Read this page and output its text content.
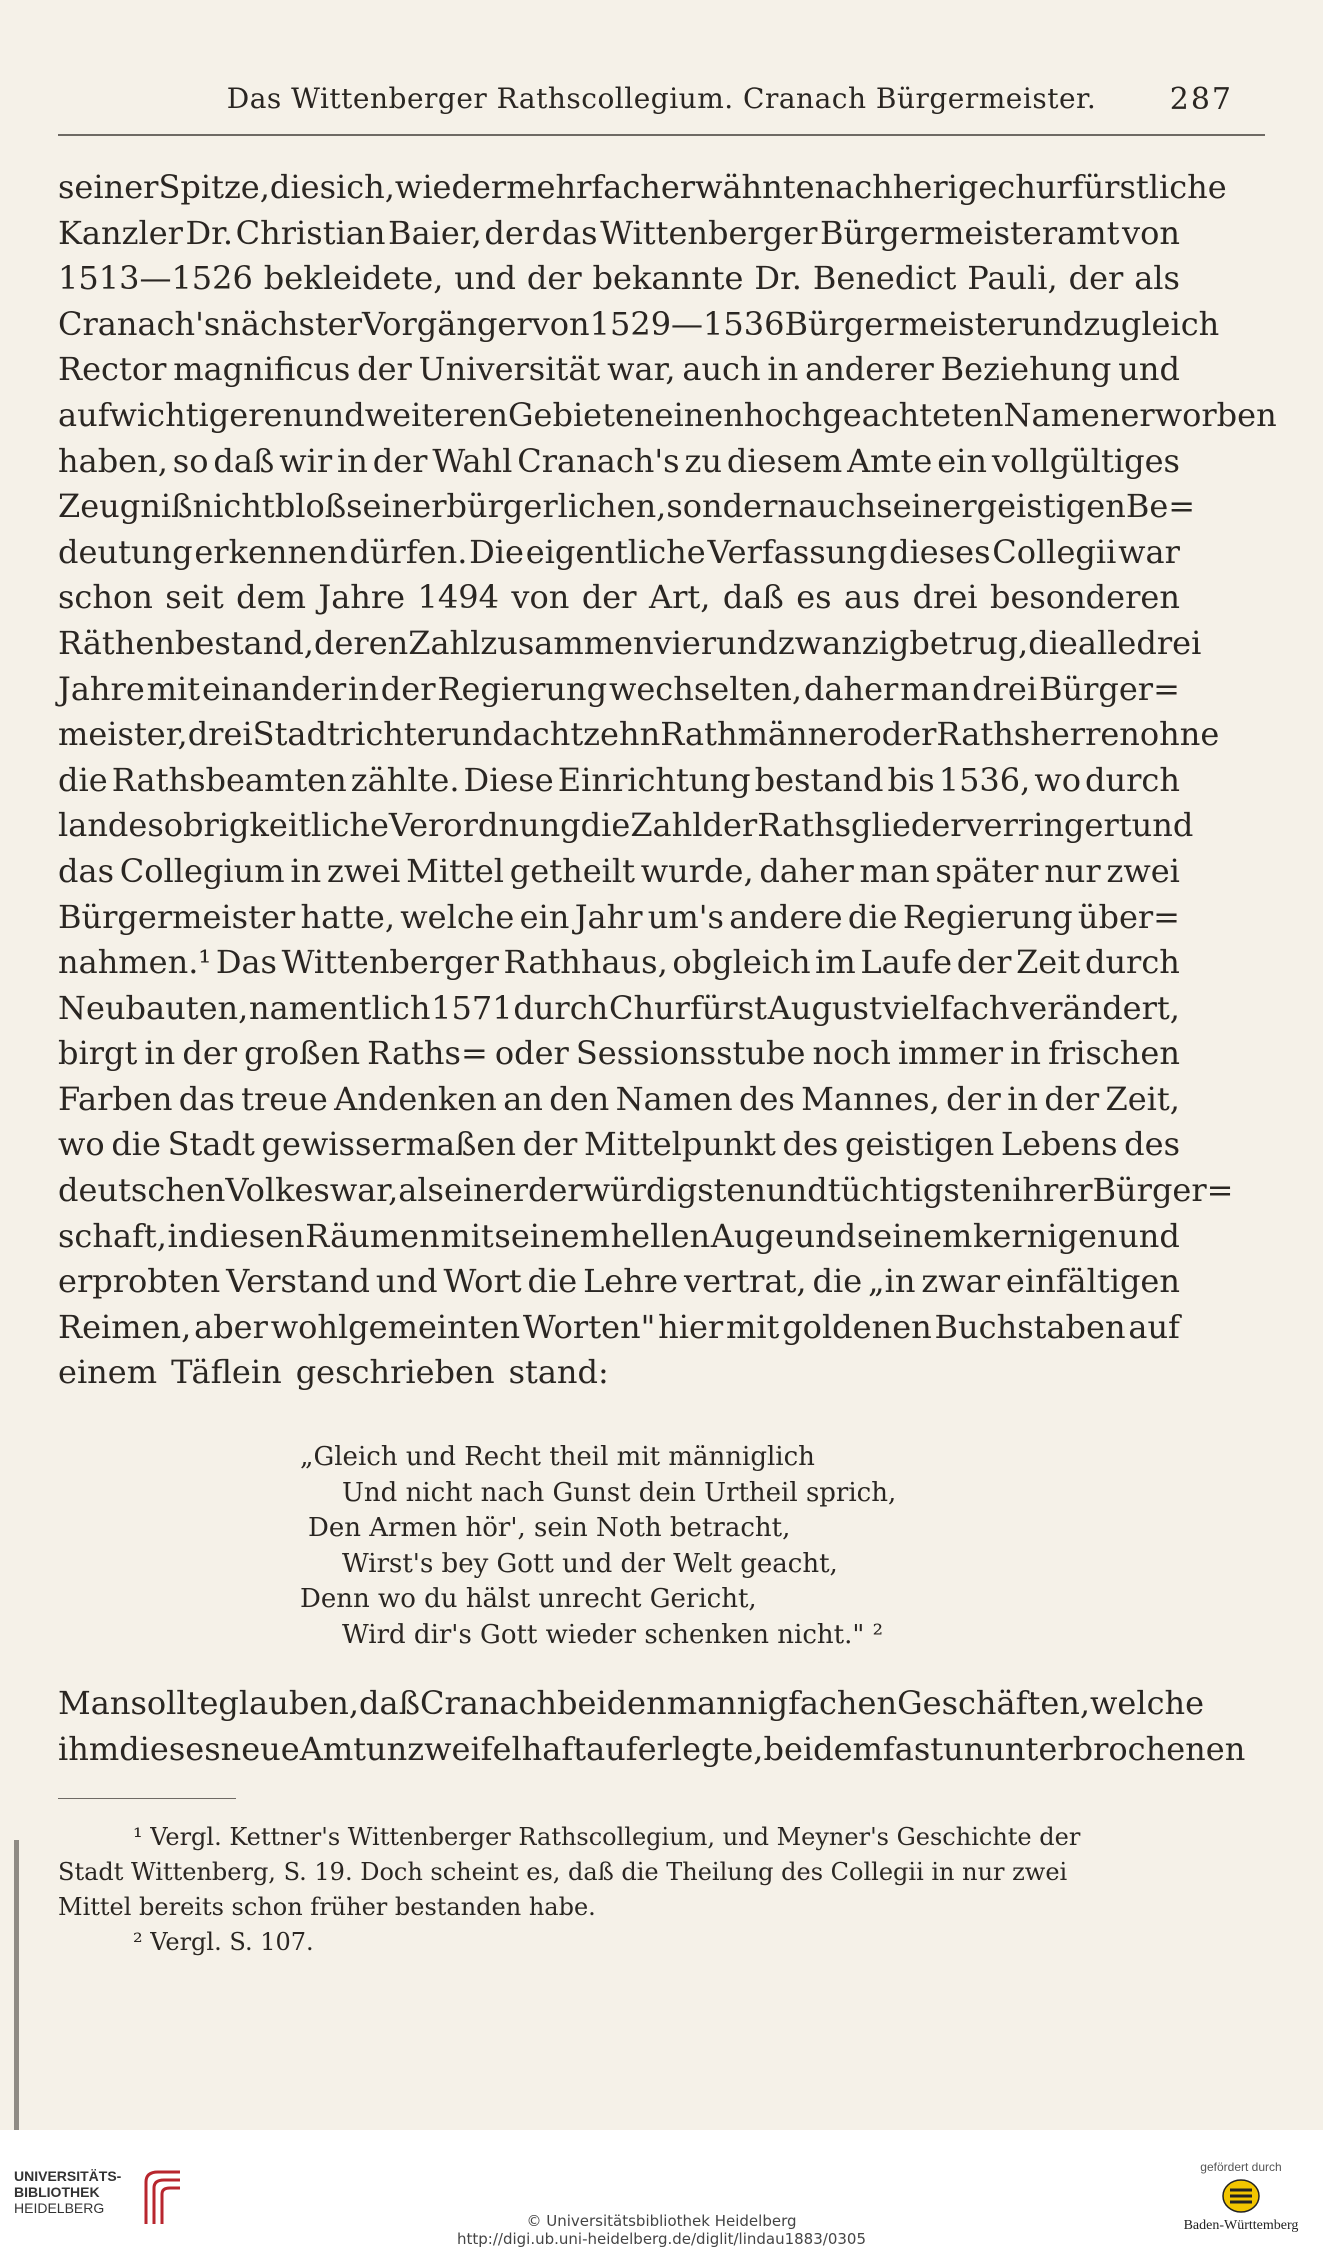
Das Wittenberger Rathscollegium. Cranach Bürgermeister.	287
seiner Spitze, die sich, wie der mehrfach erwähnte nachherige churfürstliche
Kanzler Dr. Christian Baier, der das Wittenberger Bürgermeisteramt von
1513—1526 bekleidete, und der bekannte Dr. Benedict Pauli, der als
Cranach's nächster Vorgänger von 1529—1536 Bürgermeister und zugleich
Rector magnificus der Universität war, auch in anderer Beziehung und
auf wichtigeren und weiteren Gebieten einen hochgeachteten Namen erworben
haben, so daß wir in der Wahl Cranach's zu diesem Amte ein vollgültiges
Zeugniß nicht bloß seiner bürgerlichen, sondern auch seiner geistigen Be=
deutung erkennen dürfen. Die eigentliche Verfassung dieses Collegii war
schon seit dem Jahre 1494 von der Art, daß es aus drei besonderen
Räthen bestand, deren Zahl zusammen vierundzwanzig betrug, die alle drei
Jahre mit einander in der Regierung wechselten, daher man drei Bürger=
meister, drei Stadtrichter und achtzehn Rathmänner oder Rathsherren ohne
die Rathsbeamten zählte. Diese Einrichtung bestand bis 1536, wo durch
landesobrigkeitliche Verordnung die Zahl der Rathsglieder verringert und
das Collegium in zwei Mittel getheilt wurde, daher man später nur zwei
Bürgermeister hatte, welche ein Jahr um's andere die Regierung über=
nahmen.¹ Das Wittenberger Rathhaus, obgleich im Laufe der Zeit durch
Neubauten, namentlich 1571 durch Churfürst August vielfach verändert,
birgt in der großen Raths= oder Sessionsstube noch immer in frischen
Farben das treue Andenken an den Namen des Mannes, der in der Zeit,
wo die Stadt gewissermaßen der Mittelpunkt des geistigen Lebens des
deutschen Volkes war, als einer der würdigsten und tüchtigsten ihrer Bürger=
schaft, in diesen Räumen mit seinem hellen Auge und seinem kernigen und
erprobten Verstand und Wort die Lehre vertrat, die „in zwar einfältigen
Reimen, aber wohlgemeinten Worten" hier mit goldenen Buchstaben auf
einem Täflein geschrieben stand:
„Gleich und Recht theil mit männiglich
Und nicht nach Gunst dein Urtheil sprich,
Den Armen hör', sein Noth betracht,
Wirst's bey Gott und der Welt geacht,
Denn wo du hälst unrecht Gericht,
Wird dir's Gott wieder schenken nicht." ²
Man sollte glauben, daß Cranach bei den mannigfachen Geschäften, welche
ihm dieses neue Amt unzweifelhaft auferlegte, bei dem fast ununterbrochenen
¹ Vergl. Kettner's Wittenberger Rathscollegium, und Meyner's Geschichte der
Stadt Wittenberg, S. 19. Doch scheint es, daß die Theilung des Collegii in nur zwei
Mittel bereits schon früher bestanden habe.
² Vergl. S. 107.
UNIVERSITÄTS-
BIBLIOTHEK
HEIDELBERG
© Universitätsbibliothek Heidelberg
http://digi.ub.uni-heidelberg.de/diglit/lindau1883/0305
gefördert durch
Baden-Württemberg
